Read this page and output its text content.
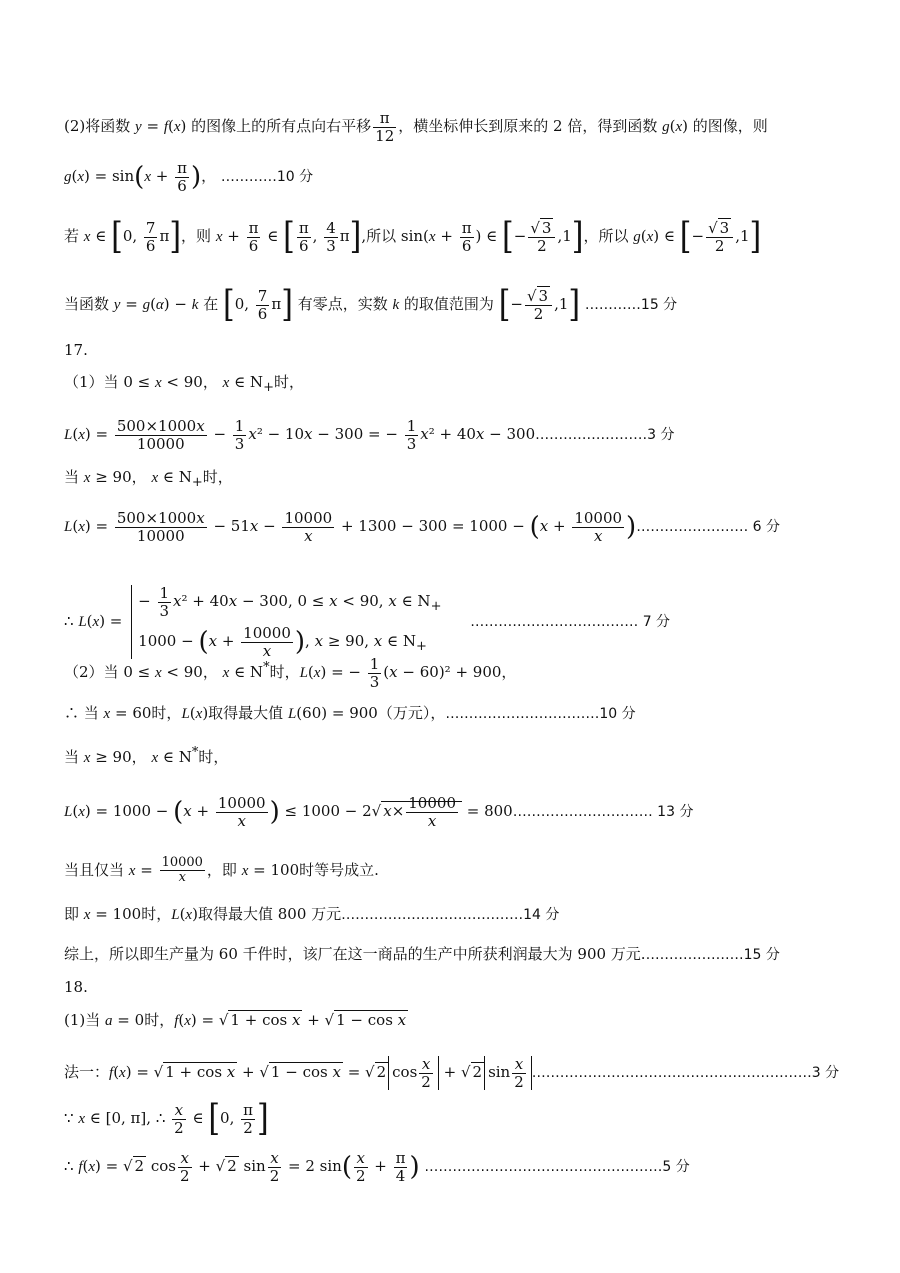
(2)将函数 y = f(x) 的图像上的所有点向右平移 $\frac{\pi}{12}$ ，横坐标伸长到原来的 2 倍，得到函数 g(x) 的图像，则
$g(x) = \sin(x + \frac{\pi}{6}$ )， …………10 分
若 x ∈ [0, $\frac{7}{6} \pi$]，则 $x + \frac{\pi}{6}$ ∈ [ $\frac{\pi}{6}$ , $\frac{4}{3} \pi$],所以 $\sin(x + \frac{\pi}{6}$ ) ∈ [− $\frac{√ 3}{2} ,1$]，所以 g(x) ∈ [− $\frac{√ 3}{2} ,1$]
当函数 y = g(α) − k 在 [0, $\frac{7}{6} \pi$] 有零点，实数 k 的取值范围为 [− $\frac{√ 3}{2} ,1$] …………15 分
17.
（1）当 0 ≤ x < 90， x ∈ $N_+$时，
$L(x) = \frac{500\times 1000x}{10000} - \frac{1}{3} x^2 - 10x - 300$ = − $\frac{1}{3} x^2 + 40x$ − 300……………………3 分
当 x ≥ 90， x ∈ $N_+$时，
$L(x) = \frac{500\times 1000x}{10000} - 51x - \frac{10000}{x} + 1300 - 300 = 1000 - (x + \frac{10000}{x}$ )…………………… 6 分
∴ L(x) =
− $\frac{1}{3} x^2 + 40x - 300$, 0 ≤ x < 90, x ∈ $N_+$
$1000 - (x + \frac{10000}{x}$ ), x ≥ 90, x ∈ $N_+$
……………………………… 7 分
（2）当 0 ≤ x < 90， x ∈ N*时，L(x) = − $\frac{1}{3} (x - 60)^2 + 900$，
∴ 当 x = 60时，L(x)取得最大值 L(60) = 900（万元），……………………………10 分
当 x ≥ 90， x ∈ N*时，
$L(x) = 1000 - (x + \frac{10000}{x}$ ) ≤ 1000 − 2√ $x\times \frac{10000}{x}$ = 800………………………… 13 分
当且仅当 $x = \frac{10000}{x}$ ，即 x = 100时等号成立.
即 x = 100时，L(x)取得最大值 800 万元…………………………………14 分
综上，所以即生产量为 60 千件时，该厂在这一商品的生产中所获利润最大为 900 万元.…………………15 分
18.
(1)当 a = 0时，f(x) = √ 1 + cos x + √ 1 − cos x
法一：f(x) = √ 1 + cos x + √ 1 − cos x = √ 2 $\cos \frac{x}{2}$ + √ 2 $\sin \frac{x}{2}$ ……………………………………………………3 分
∵ x ∈ [0, π], ∴ $\frac{x}{2}$ ∈ [0, $\frac{\pi}{2}$ ]
∴ f(x) = √ 2 $\cos \frac{x}{2}$ + √ 2 $\sin \frac{x}{2} = 2$ $\sin( \frac{x}{2} + \frac{\pi}{4}$ ) ……………………………………………5 分
